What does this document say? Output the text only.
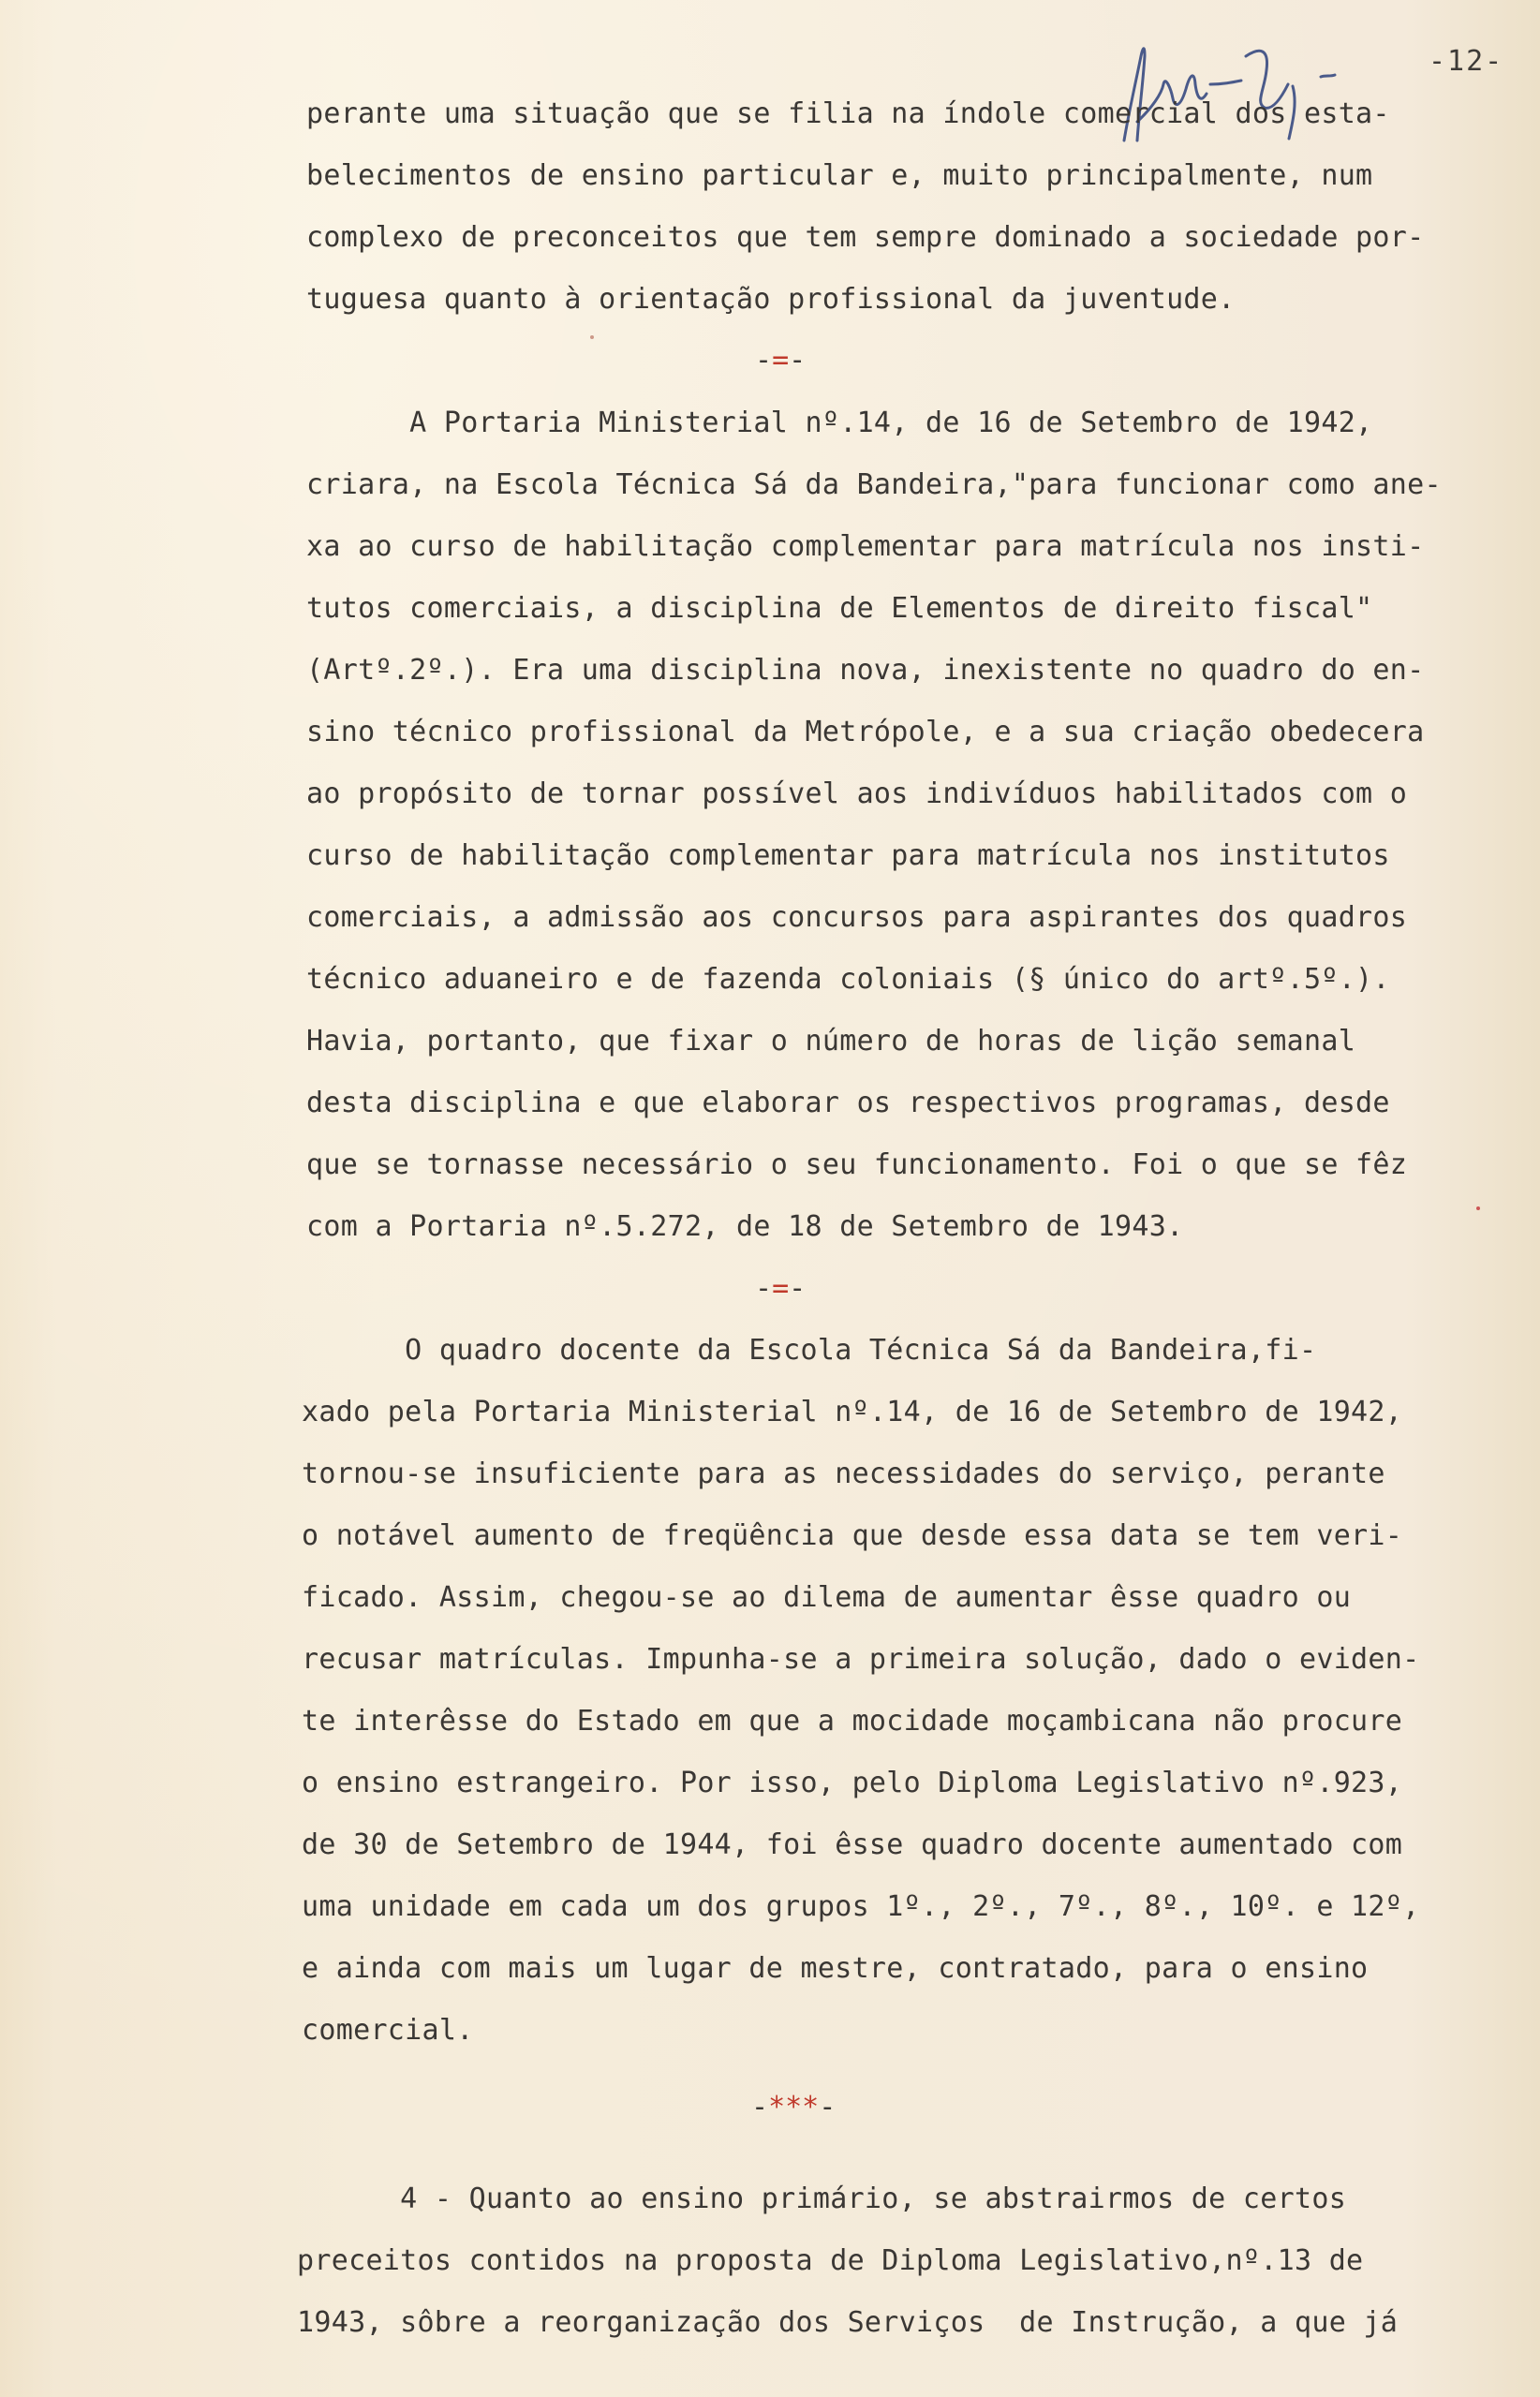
-12-
perante uma situação que se filia na índole comercial dos esta-
belecimentos de ensino particular e, muito principalmente, num
complexo de preconceitos que tem sempre dominado a sociedade por-
tuguesa quanto à orientação profissional da juventude.
-=-
A Portaria Ministerial nº.14, de 16 de Setembro de 1942,
criara, na Escola Técnica Sá da Bandeira,"para funcionar como ane-
xa ao curso de habilitação complementar para matrícula nos insti-
tutos comerciais, a disciplina de Elementos de direito fiscal"
(Artº.2º.). Era uma disciplina nova, inexistente no quadro do en-
sino técnico profissional da Metrópole, e a sua criação obedecera
ao propósito de tornar possível aos indivíduos habilitados com o
curso de habilitação complementar para matrícula nos institutos
comerciais, a admissão aos concursos para aspirantes dos quadros
técnico aduaneiro e de fazenda coloniais (§ único do artº.5º.).
Havia, portanto, que fixar o número de horas de lição semanal
desta disciplina e que elaborar os respectivos programas, desde
que se tornasse necessário o seu funcionamento. Foi o que se fêz
com a Portaria nº.5.272, de 18 de Setembro de 1943.
-=-
O quadro docente da Escola Técnica Sá da Bandeira,fi-
xado pela Portaria Ministerial nº.14, de 16 de Setembro de 1942,
tornou-se insuficiente para as necessidades do serviço, perante
o notável aumento de freqüência que desde essa data se tem veri-
ficado. Assim, chegou-se ao dilema de aumentar êsse quadro ou
recusar matrículas. Impunha-se a primeira solução, dado o eviden-
te interêsse do Estado em que a mocidade moçambicana não procure
o ensino estrangeiro. Por isso, pelo Diploma Legislativo nº.923,
de 30 de Setembro de 1944, foi êsse quadro docente aumentado com
uma unidade em cada um dos grupos 1º., 2º., 7º., 8º., 10º. e 12º,
e ainda com mais um lugar de mestre, contratado, para o ensino
comercial.
-***-
4 - Quanto ao ensino primário, se abstrairmos de certos
preceitos contidos na proposta de Diploma Legislativo,nº.13 de
1943, sôbre a reorganização dos Serviços  de Instrução, a que já
